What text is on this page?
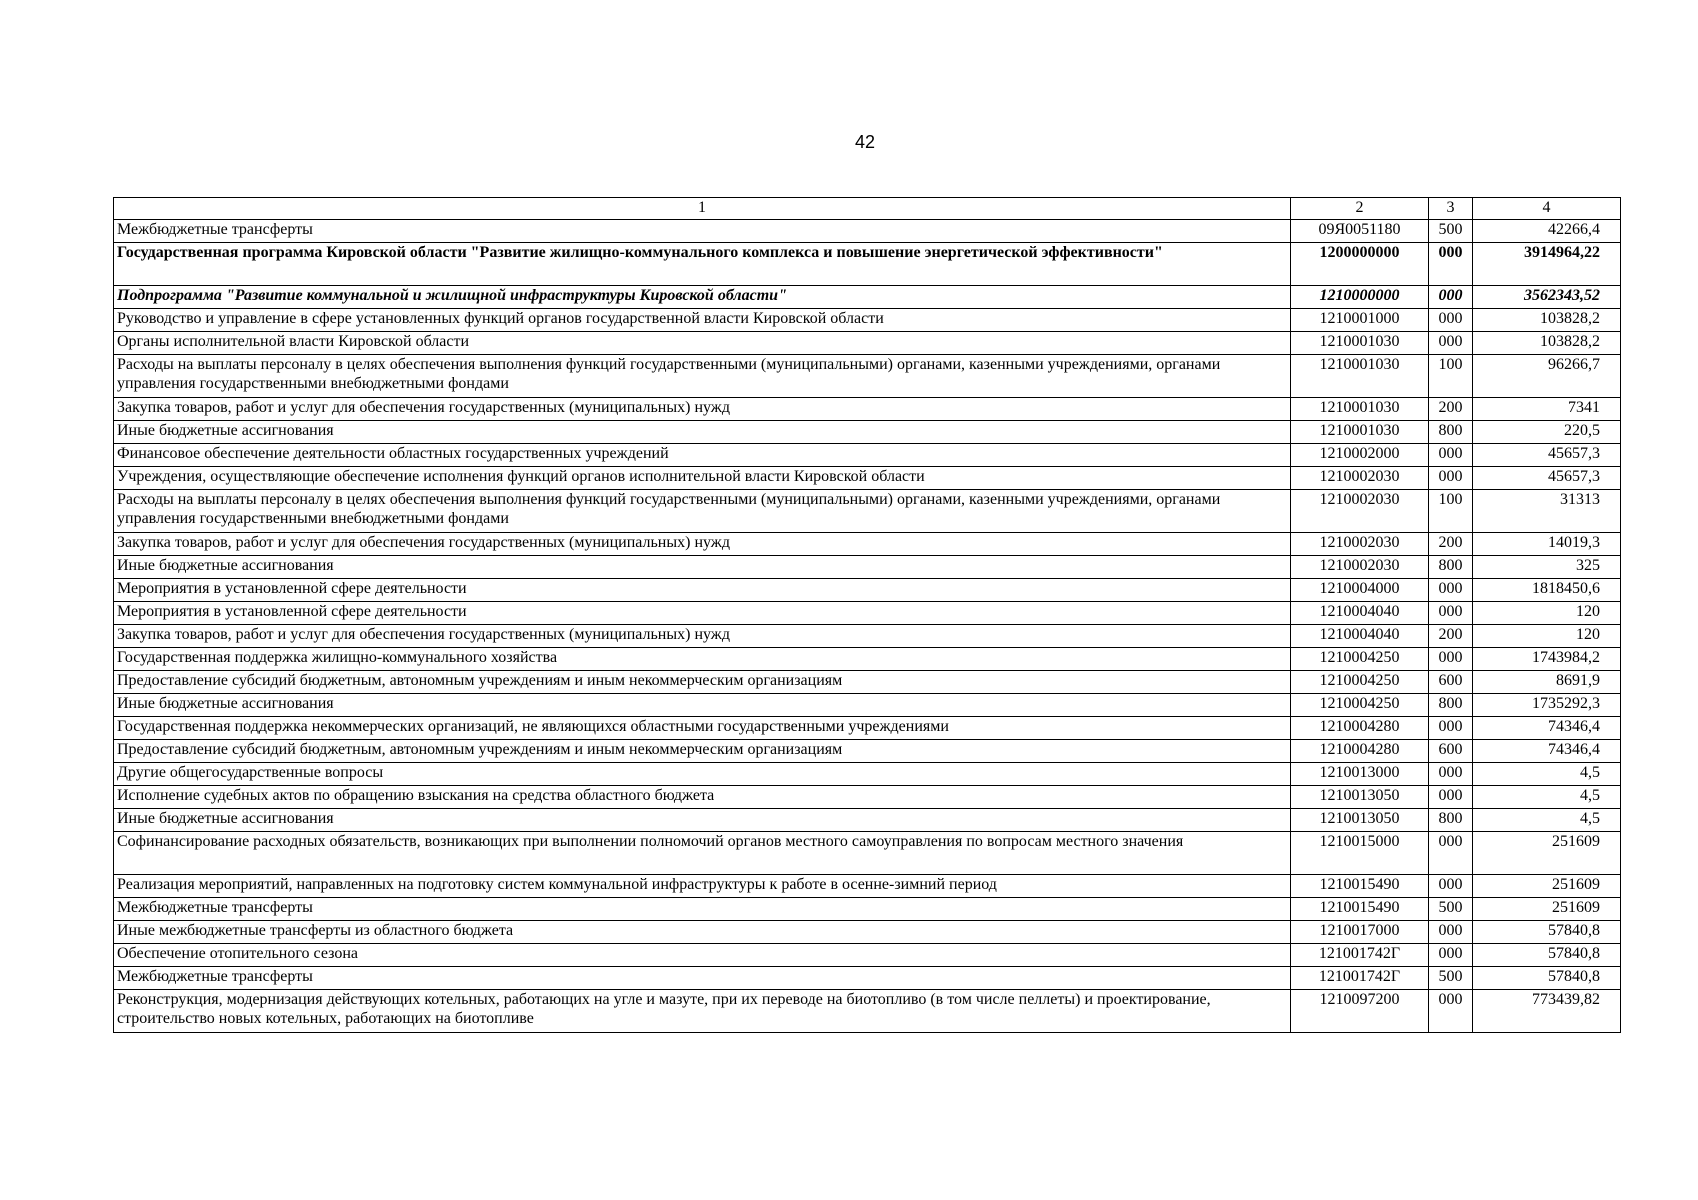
42
1	2	3	4
Межбюджетные трансферты	09Я0051180	500	42266,4
Государственная программа Кировской области "Развитие жилищно-коммунального комплекса и повышение энергетической эффективности"	1200000000	000	3914964,22
Подпрограмма "Развитие коммунальной и жилищной инфраструктуры Кировской области"	1210000000	000	3562343,52
Руководство и управление в сфере установленных функций органов государственной власти Кировской области	1210001000	000	103828,2
Органы исполнительной власти Кировской области	1210001030	000	103828,2
Расходы на выплаты персоналу в целях обеспечения выполнения функций государственными (муниципальными) органами, казенными учреждениями, органами управления государственными внебюджетными фондами	1210001030	100	96266,7
Закупка товаров, работ и услуг для обеспечения государственных (муниципальных) нужд	1210001030	200	7341
Иные бюджетные ассигнования	1210001030	800	220,5
Финансовое обеспечение деятельности областных государственных учреждений	1210002000	000	45657,3
Учреждения, осуществляющие обеспечение исполнения функций органов исполнительной власти Кировской области	1210002030	000	45657,3
Расходы на выплаты персоналу в целях обеспечения выполнения функций государственными (муниципальными) органами, казенными учреждениями, органами управления государственными внебюджетными фондами	1210002030	100	31313
Закупка товаров, работ и услуг для обеспечения государственных (муниципальных) нужд	1210002030	200	14019,3
Иные бюджетные ассигнования	1210002030	800	325
Мероприятия в установленной сфере деятельности	1210004000	000	1818450,6
Мероприятия в установленной сфере деятельности	1210004040	000	120
Закупка товаров, работ и услуг для обеспечения государственных (муниципальных) нужд	1210004040	200	120
Государственная поддержка жилищно-коммунального хозяйства	1210004250	000	1743984,2
Предоставление субсидий бюджетным, автономным учреждениям и иным некоммерческим организациям	1210004250	600	8691,9
Иные бюджетные ассигнования	1210004250	800	1735292,3
Государственная поддержка некоммерческих организаций, не являющихся областными государственными учреждениями	1210004280	000	74346,4
Предоставление субсидий бюджетным, автономным учреждениям и иным некоммерческим организациям	1210004280	600	74346,4
Другие общегосударственные вопросы	1210013000	000	4,5
Исполнение судебных актов по обращению взыскания на средства областного бюджета	1210013050	000	4,5
Иные бюджетные ассигнования	1210013050	800	4,5
Софинансирование расходных обязательств, возникающих при выполнении полномочий органов местного самоуправления по вопросам местного значения	1210015000	000	251609
Реализация мероприятий, направленных на подготовку систем коммунальной инфраструктуры к работе в осенне-зимний период	1210015490	000	251609
Межбюджетные трансферты	1210015490	500	251609
Иные межбюджетные трансферты из областного бюджета	1210017000	000	57840,8
Обеспечение отопительного сезона	121001742Г	000	57840,8
Межбюджетные трансферты	121001742Г	500	57840,8
Реконструкция, модернизация действующих котельных, работающих на угле и мазуте, при их переводе на биотопливо (в том числе пеллеты) и проектирование, строительство новых котельных, работающих на биотопливе	1210097200	000	773439,82
